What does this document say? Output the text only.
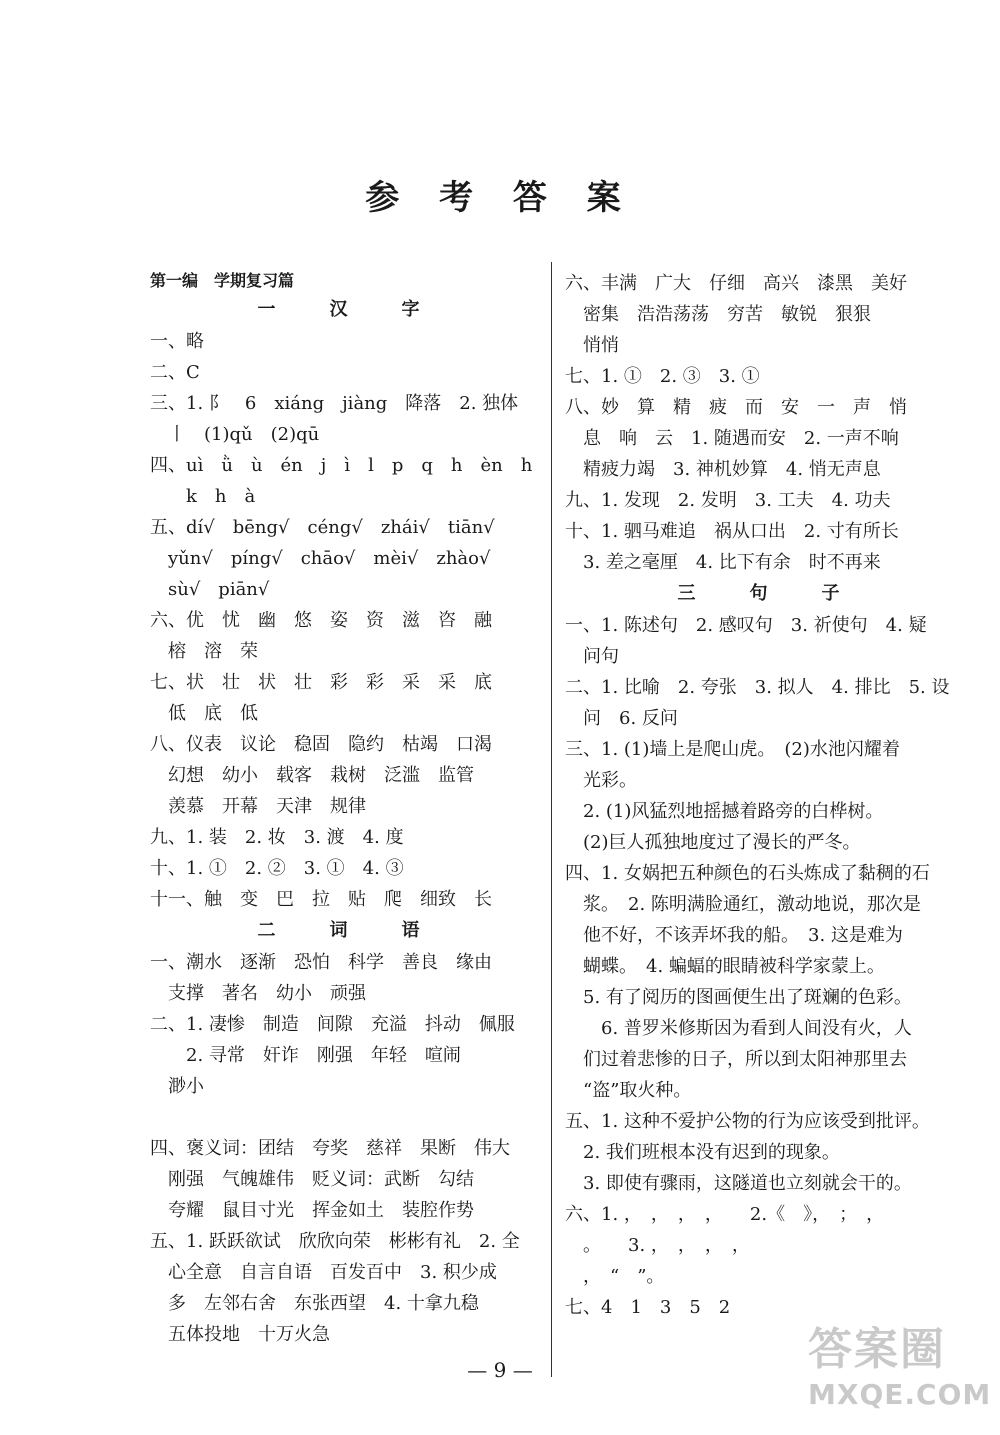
参 考 答 案
第一编　学期复习篇
一　汉　字
一、略
二、C
三、1. 阝　6　xiáng　jiàng　降落　2. 独体
　丨　(1)qǔ　(2)qū
四、uì　ǜ　ù　én　j　ì　l　p　q　h　èn　h
　　k　h　à
五、dí√　bēng√　céng√　zhái√　tiān√
　yǔn√　píng√　chāo√　mèi√　zhào√
　sù√　piān√
六、优　忧　幽　悠　姿　资　滋　咨　融
　榕　溶　荣
七、状　壮　状　壮　彩　彩　采　采　底
　低　底　低
八、仪表　议论　稳固　隐约　枯竭　口渴
　幻想　幼小　载客　栽树　泛滥　监管
　羡慕　开幕　天津　规律
九、1. 装　2. 妆　3. 渡　4. 度
十、1. ①　2. ②　3. ①　4. ③
十一、触　变　巴　拉　贴　爬　细致　长
二　词　语
一、潮水　逐渐　恐怕　科学　善良　缘由
　支撑　著名　幼小　顽强
二、1. 凄惨　制造　间隙　充溢　抖动　佩服
　　2. 寻常　奸诈　刚强　年轻　喧闹
　渺小

四、褒义词：团结　夸奖　慈祥　果断　伟大
　刚强　气魄雄伟　贬义词：武断　勾结
　夸耀　鼠目寸光　挥金如土　装腔作势
五、1. 跃跃欲试　欣欣向荣　彬彬有礼　2. 全
　心全意　自言自语　百发百中　3. 积少成
　多　左邻右舍　东张西望　4. 十拿九稳
　五体投地　十万火急
六、丰满　广大　仔细　高兴　漆黑　美好
　密集　浩浩荡荡　穷苦　敏锐　狠狠
　悄悄
七、1. ①　2. ③　3. ①
八、妙　算　精　疲　而　安　一　声　悄
　息　响　云　1. 随遇而安　2. 一声不响
　精疲力竭　3. 神机妙算　4. 悄无声息
九、1. 发现　2. 发明　3. 工夫　4. 功夫
十、1. 驷马难追　祸从口出　2. 寸有所长
　3. 差之毫厘　4. 比下有余　时不再来
三　句　子
一、1. 陈述句　2. 感叹句　3. 祈使句　4. 疑
　问句
二、1. 比喻　2. 夸张　3. 拟人　4. 排比　5. 设
　问　6. 反问
三、1. (1)墙上是爬山虎。　(2)水池闪耀着
　光彩。
　2. (1)风猛烈地摇撼着路旁的白桦树。
　(2)巨人孤独地度过了漫长的严冬。
四、1. 女娲把五种颜色的石头炼成了黏稠的石
　浆。　2. 陈明满脸通红，激动地说，那次是
　他不好，不该弄坏我的船。　3. 这是难为
　蝴蝶。　4. 蝙蝠的眼睛被科学家蒙上。
　5. 有了阅历的图画便生出了斑斓的色彩。
　　6. 普罗米修斯因为看到人间没有火，人
　们过着悲惨的日子，所以到太阳神那里去
　“盗”取火种。
五、1. 这种不爱护公物的行为应该受到批评。
　2. 我们班根本没有迟到的现象。
　3. 即使有骤雨，这隧道也立刻就会干的。
六、1. ，　，　，　，　　2.《　》，　；　，
　。　　3. ，　，　，　，
　，　“　”。
七、4　1　3　5　2
— 9 —	答案圈
MXQE.COM
